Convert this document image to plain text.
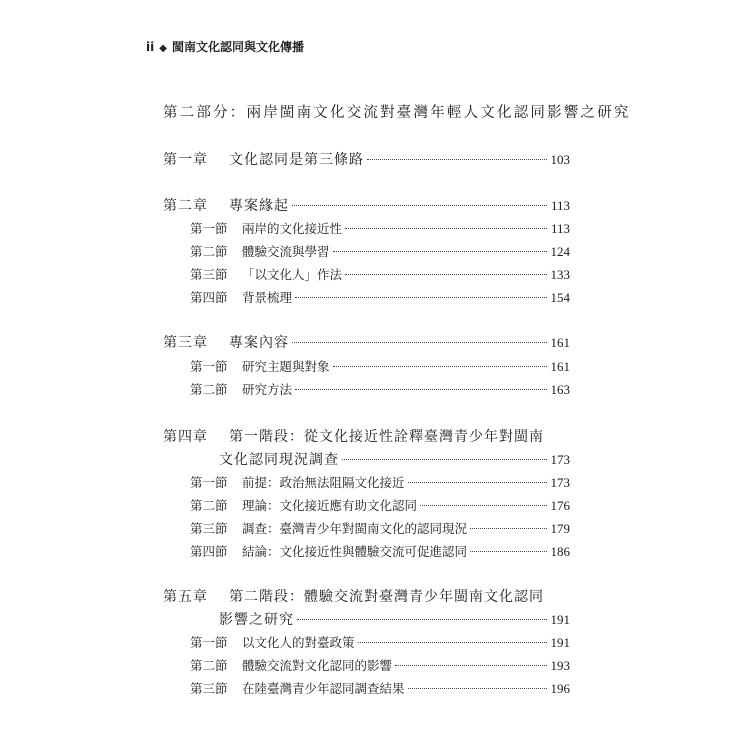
ii ◆ 閩南文化認同與文化傳播
第二部分：兩岸閩南文化交流對臺灣年輕人文化認同影響之研究
第一章	文化認同是第三條路	103
第二章	專案緣起	113
第一節	兩岸的文化接近性	113
第二節	體驗交流與學習	124
第三節	「以文化人」作法	133
第四節	背景梳理	154
第三章	專案內容	161
第一節	研究主題與對象	161
第二節	研究方法	163
第四章	第一階段：從文化接近性詮釋臺灣青少年對閩南
文化認同現況調查	173
第一節	前提：政治無法阻隔文化接近	173
第二節	理論：文化接近應有助文化認同	176
第三節	調查：臺灣青少年對閩南文化的認同現況	179
第四節	結論：文化接近性與體驗交流可促進認同	186
第五章	第二階段：體驗交流對臺灣青少年閩南文化認同
影響之研究	191
第一節	以文化人的對臺政策	191
第二節	體驗交流對文化認同的影響	193
第三節	在陸臺灣青少年認同調查結果	196
